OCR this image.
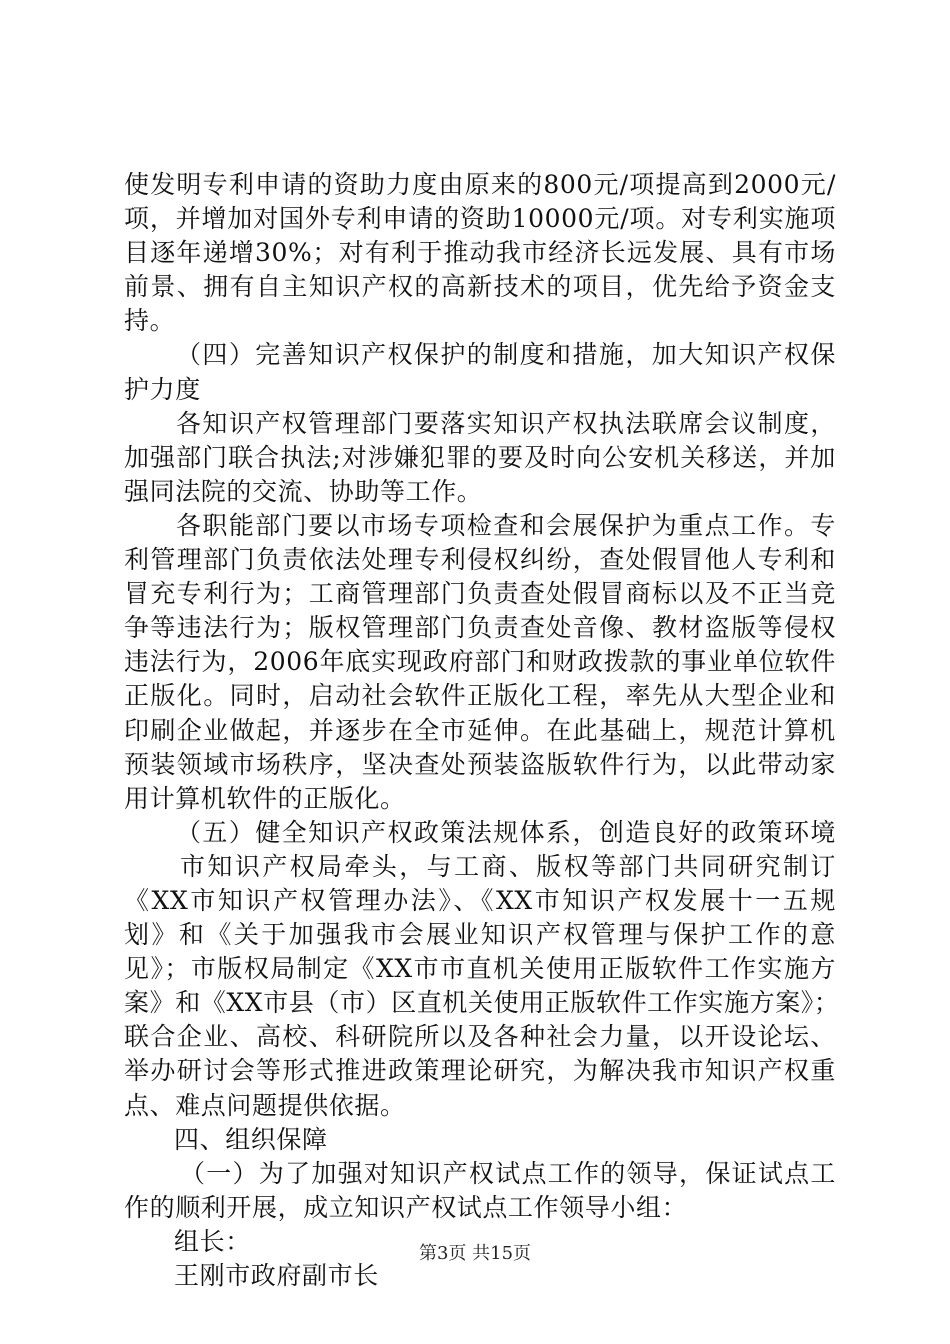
使发明专利申请的资助力度由原来的800元/项提高到2000元/
项，并增加对国外专利申请的资助10000元/项。对专利实施项
目逐年递增30%；对有利于推动我市经济长远发展、具有市场
前景、拥有自主知识产权的高新技术的项目，优先给予资金支
持。
（四）完善知识产权保护的制度和措施，加大知识产权保
护力度
各知识产权管理部门要落实知识产权执法联席会议制度，
加强部门联合执法;对涉嫌犯罪的要及时向公安机关移送，并加
强同法院的交流、协助等工作。
各职能部门要以市场专项检查和会展保护为重点工作。专
利管理部门负责依法处理专利侵权纠纷，查处假冒他人专利和
冒充专利行为；工商管理部门负责查处假冒商标以及不正当竞
争等违法行为；版权管理部门负责查处音像、教材盗版等侵权
违法行为，2006年底实现政府部门和财政拨款的事业单位软件
正版化。同时，启动社会软件正版化工程，率先从大型企业和
印刷企业做起，并逐步在全市延伸。在此基础上，规范计算机
预装领域市场秩序，坚决查处预装盗版软件行为，以此带动家
用计算机软件的正版化。
（五）健全知识产权政策法规体系，创造良好的政策环境
市知识产权局牵头，与工商、版权等部门共同研究制订
《XX市知识产权管理办法》、《XX市知识产权发展十一五规
划》和《关于加强我市会展业知识产权管理与保护工作的意
见》；市版权局制定《XX市市直机关使用正版软件工作实施方
案》和《XX市县（市）区直机关使用正版软件工作实施方案》；
联合企业、高校、科研院所以及各种社会力量，以开设论坛、
举办研讨会等形式推进政策理论研究，为解决我市知识产权重
点、难点问题提供依据。
四、组织保障
（一）为了加强对知识产权试点工作的领导，保证试点工
作的顺利开展，成立知识产权试点工作领导小组：
组长：
王刚市政府副市长
第3页 共15页
